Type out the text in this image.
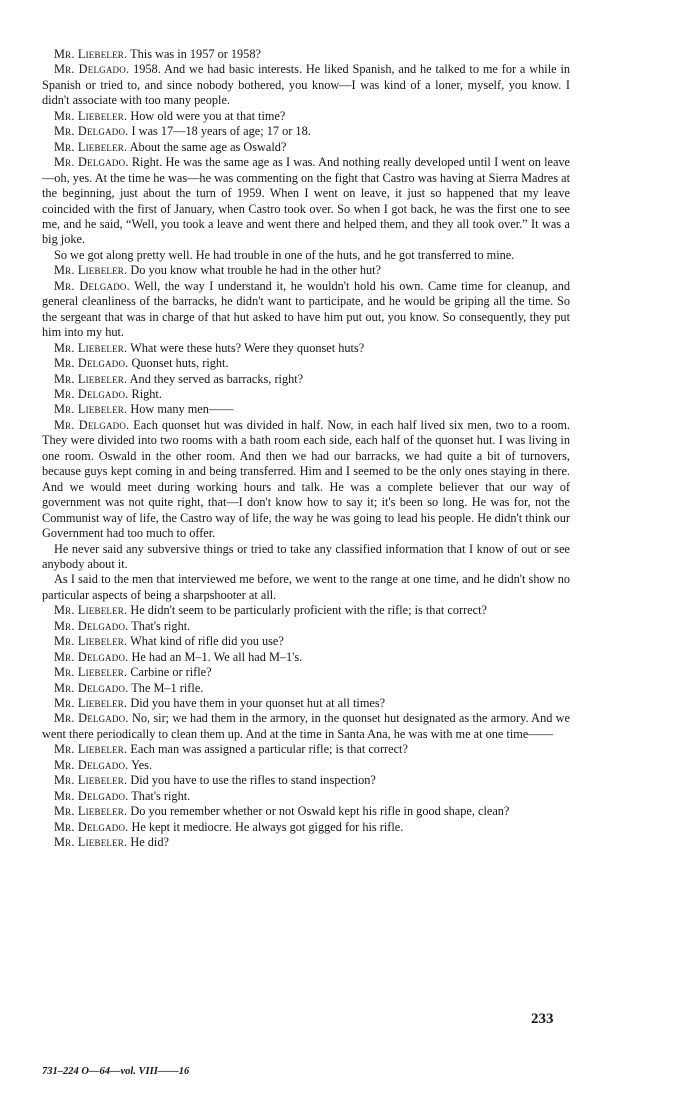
Mr. Liebeler. This was in 1957 or 1958?

Mr. Delgado. 1958. And we had basic interests. He liked Spanish, and he talked to me for a while in Spanish or tried to, and since nobody bothered, you know—I was kind of a loner, myself, you know. I didn't associate with too many people.

Mr. Liebeler. How old were you at that time?

Mr. Delgado. I was 17—18 years of age; 17 or 18.

Mr. Liebeler. About the same age as Oswald?

Mr. Delgado. Right. He was the same age as I was. And nothing really developed until I went on leave—oh, yes. At the time he was—he was commenting on the fight that Castro was having at Sierra Madres at the beginning, just about the turn of 1959. When I went on leave, it just so happened that my leave coincided with the first of January, when Castro took over. So when I got back, he was the first one to see me, and he said, “Well, you took a leave and went there and helped them, and they all took over.” It was a big joke.

So we got along pretty well. He had trouble in one of the huts, and he got transferred to mine.

Mr. Liebeler. Do you know what trouble he had in the other hut?

Mr. Delgado. Well, the way I understand it, he wouldn't hold his own. Came time for cleanup, and general cleanliness of the barracks, he didn't want to participate, and he would be griping all the time. So the sergeant that was in charge of that hut asked to have him put out, you know. So consequently, they put him into my hut.

Mr. Liebeler. What were these huts? Were they quonset huts?

Mr. Delgado. Quonset huts, right.

Mr. Liebeler. And they served as barracks, right?

Mr. Delgado. Right.

Mr. Liebeler. How many men——

Mr. Delgado. Each quonset hut was divided in half. Now, in each half lived six men, two to a room. They were divided into two rooms with a bath room each side, each half of the quonset hut. I was living in one room. Oswald in the other room. And then we had our barracks, we had quite a bit of turnovers, because guys kept coming in and being transferred. Him and I seemed to be the only ones staying in there. And we would meet during working hours and talk. He was a complete believer that our way of government was not quite right, that—I don't know how to say it; it's been so long. He was for, not the Communist way of life, the Castro way of life, the way he was going to lead his people. He didn't think our Government had too much to offer.

He never said any subversive things or tried to take any classified information that I know of out or see anybody about it.

As I said to the men that interviewed me before, we went to the range at one time, and he didn't show no particular aspects of being a sharpshooter at all.

Mr. Liebeler. He didn't seem to be particularly proficient with the rifle; is that correct?

Mr. Delgado. That's right.

Mr. Liebeler. What kind of rifle did you use?

Mr. Delgado. He had an M–1. We all had M–1's.

Mr. Liebeler. Carbine or rifle?

Mr. Delgado. The M–1 rifle.

Mr. Liebeler. Did you have them in your quonset hut at all times?

Mr. Delgado. No, sir; we had them in the armory, in the quonset hut designated as the armory. And we went there periodically to clean them up. And at the time in Santa Ana, he was with me at one time——

Mr. Liebeler. Each man was assigned a particular rifle; is that correct?

Mr. Delgado. Yes.

Mr. Liebeler. Did you have to use the rifles to stand inspection?

Mr. Delgado. That's right.

Mr. Liebeler. Do you remember whether or not Oswald kept his rifle in good shape, clean?

Mr. Delgado. He kept it mediocre. He always got gigged for his rifle.

Mr. Liebeler. He did?

233
731–224 O—64—vol. VIII——16
